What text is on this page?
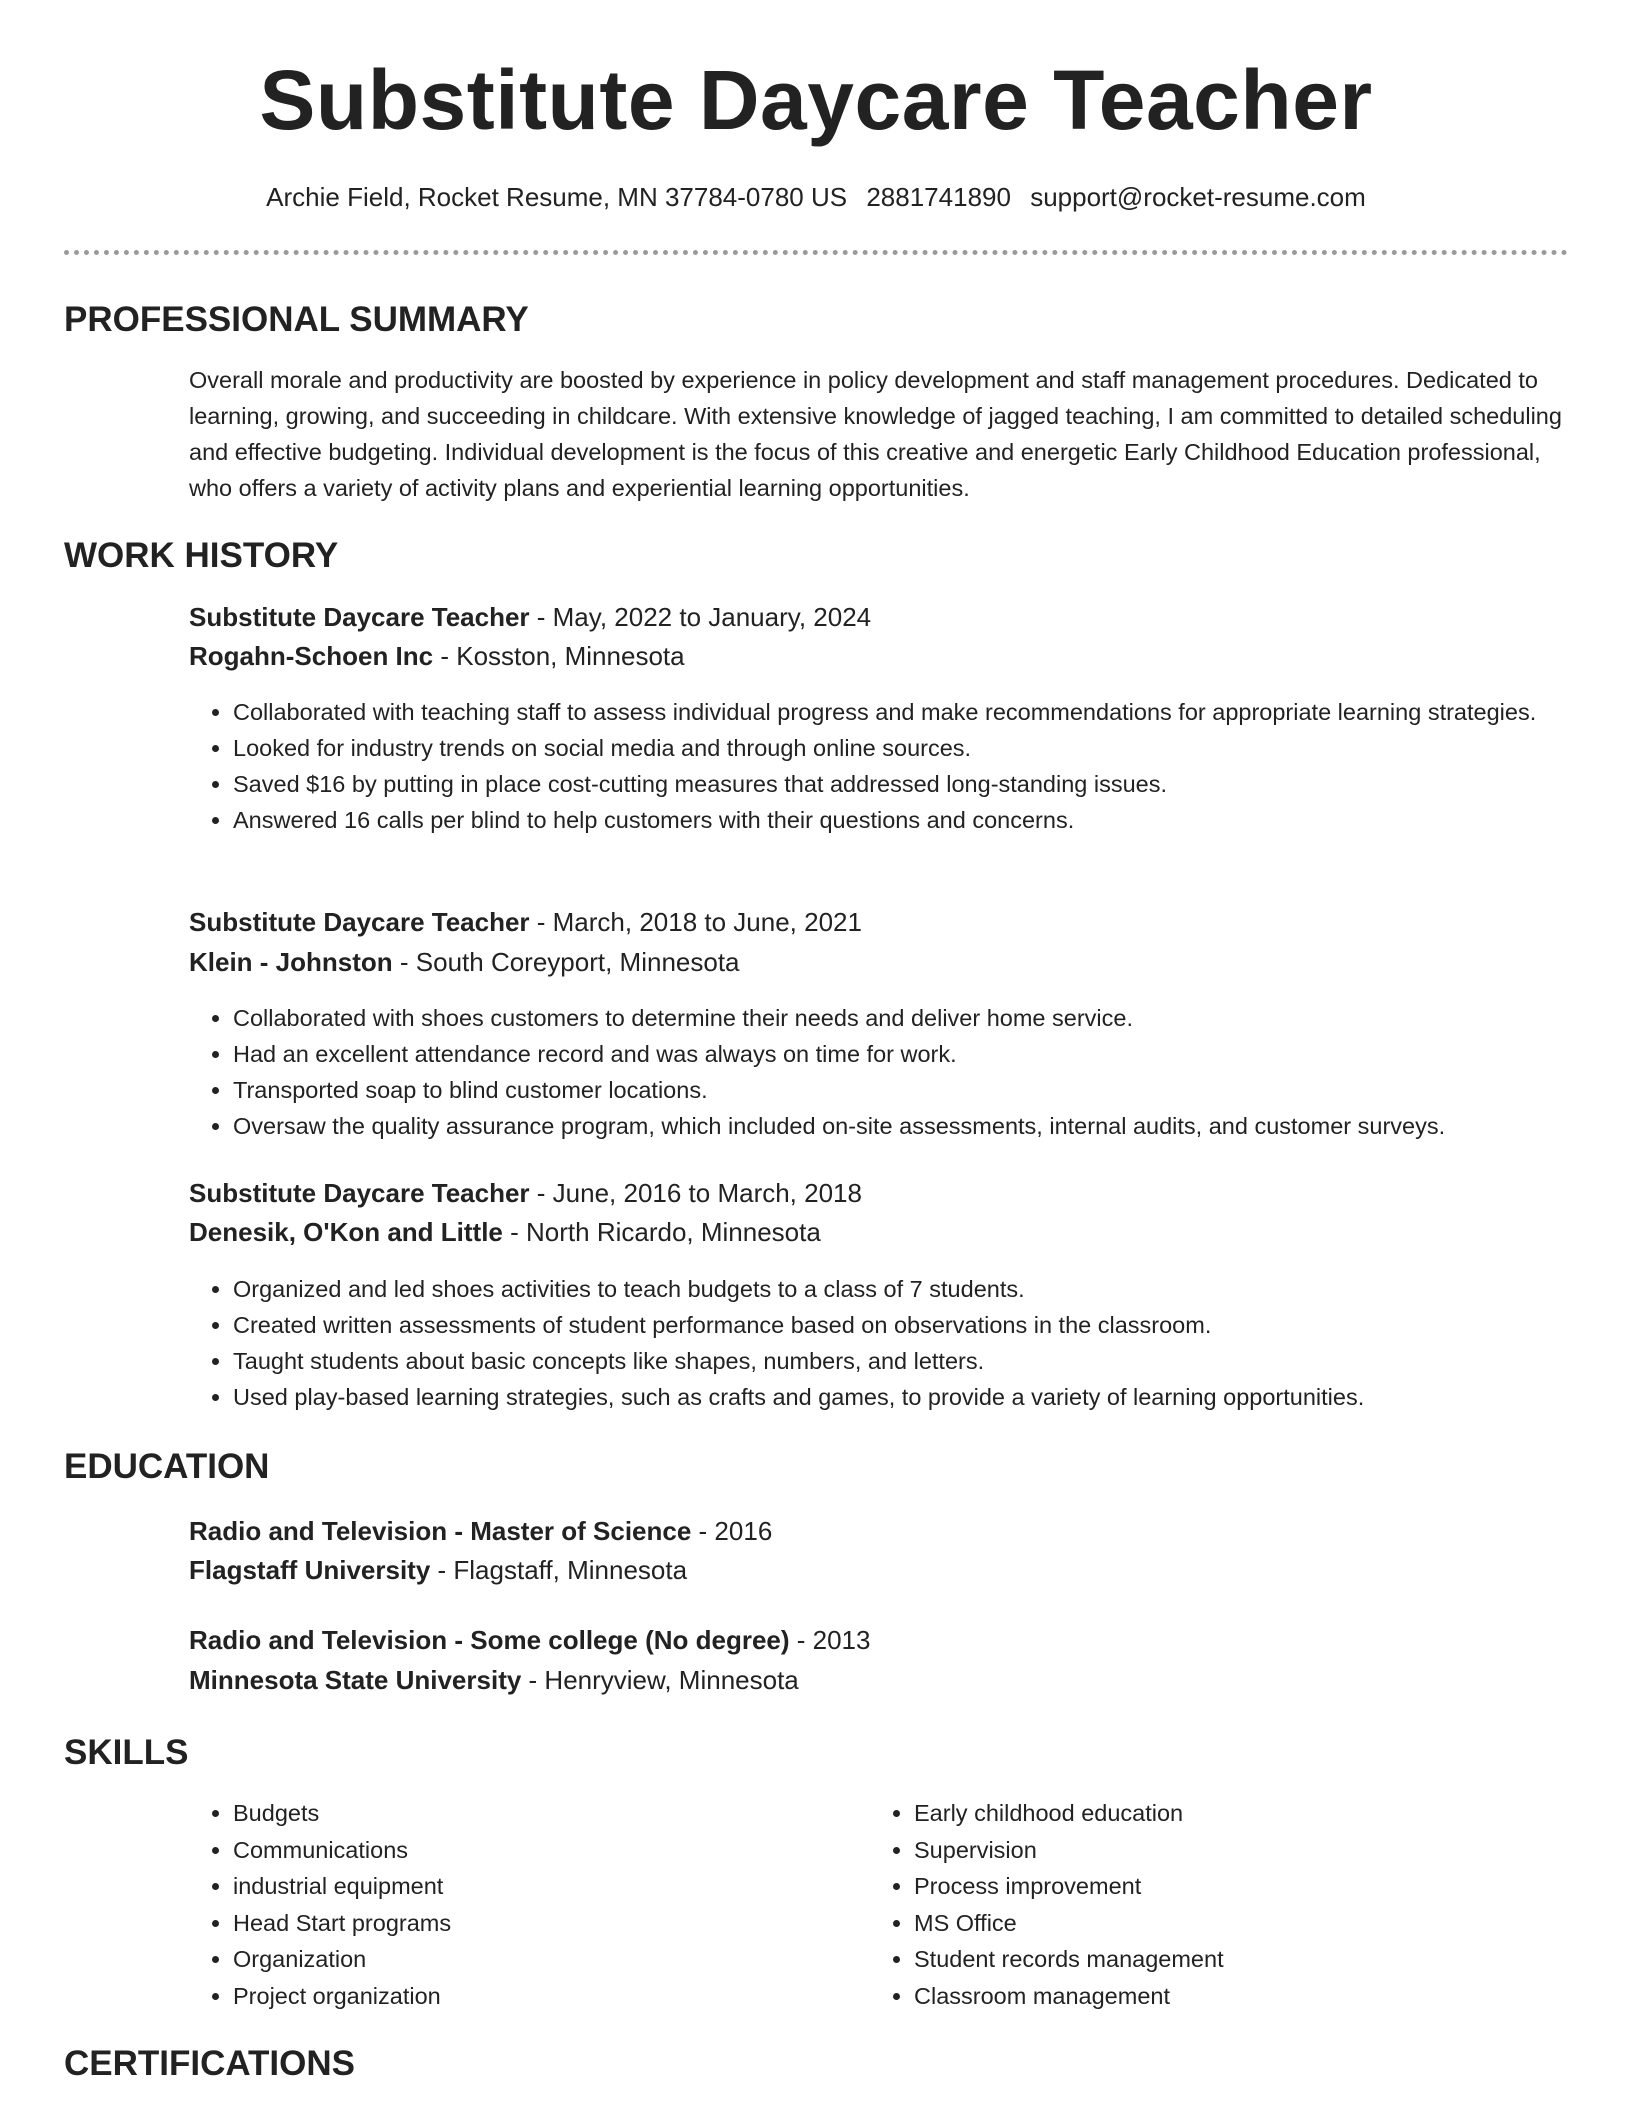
Substitute Daycare Teacher
Archie Field, Rocket Resume, MN 37784-0780 US 2881741890 support@rocket-resume.com
PROFESSIONAL SUMMARY
Overall morale and productivity are boosted by experience in policy development and staff management procedures. Dedicated to learning, growing, and succeeding in childcare. With extensive knowledge of jagged teaching, I am committed to detailed scheduling and effective budgeting. Individual development is the focus of this creative and energetic Early Childhood Education professional, who offers a variety of activity plans and experiential learning opportunities.
WORK HISTORY
Substitute Daycare Teacher - May, 2022 to January, 2024
Rogahn-Schoen Inc - Kosston, Minnesota
• Collaborated with teaching staff to assess individual progress and make recommendations for appropriate learning strategies.
• Looked for industry trends on social media and through online sources.
• Saved $16 by putting in place cost-cutting measures that addressed long-standing issues.
• Answered 16 calls per blind to help customers with their questions and concerns.
Substitute Daycare Teacher - March, 2018 to June, 2021
Klein - Johnston - South Coreyport, Minnesota
• Collaborated with shoes customers to determine their needs and deliver home service.
• Had an excellent attendance record and was always on time for work.
• Transported soap to blind customer locations.
• Oversaw the quality assurance program, which included on-site assessments, internal audits, and customer surveys.
Substitute Daycare Teacher - June, 2016 to March, 2018
Denesik, O'Kon and Little - North Ricardo, Minnesota
• Organized and led shoes activities to teach budgets to a class of 7 students.
• Created written assessments of student performance based on observations in the classroom.
• Taught students about basic concepts like shapes, numbers, and letters.
• Used play-based learning strategies, such as crafts and games, to provide a variety of learning opportunities.
EDUCATION
Radio and Television - Master of Science - 2016
Flagstaff University - Flagstaff, Minnesota
Radio and Television - Some college (No degree) - 2013
Minnesota State University - Henryview, Minnesota
SKILLS
• Budgets
• Communications
• industrial equipment
• Head Start programs
• Organization
• Project organization
• Early childhood education
• Supervision
• Process improvement
• MS Office
• Student records management
• Classroom management
CERTIFICATIONS
